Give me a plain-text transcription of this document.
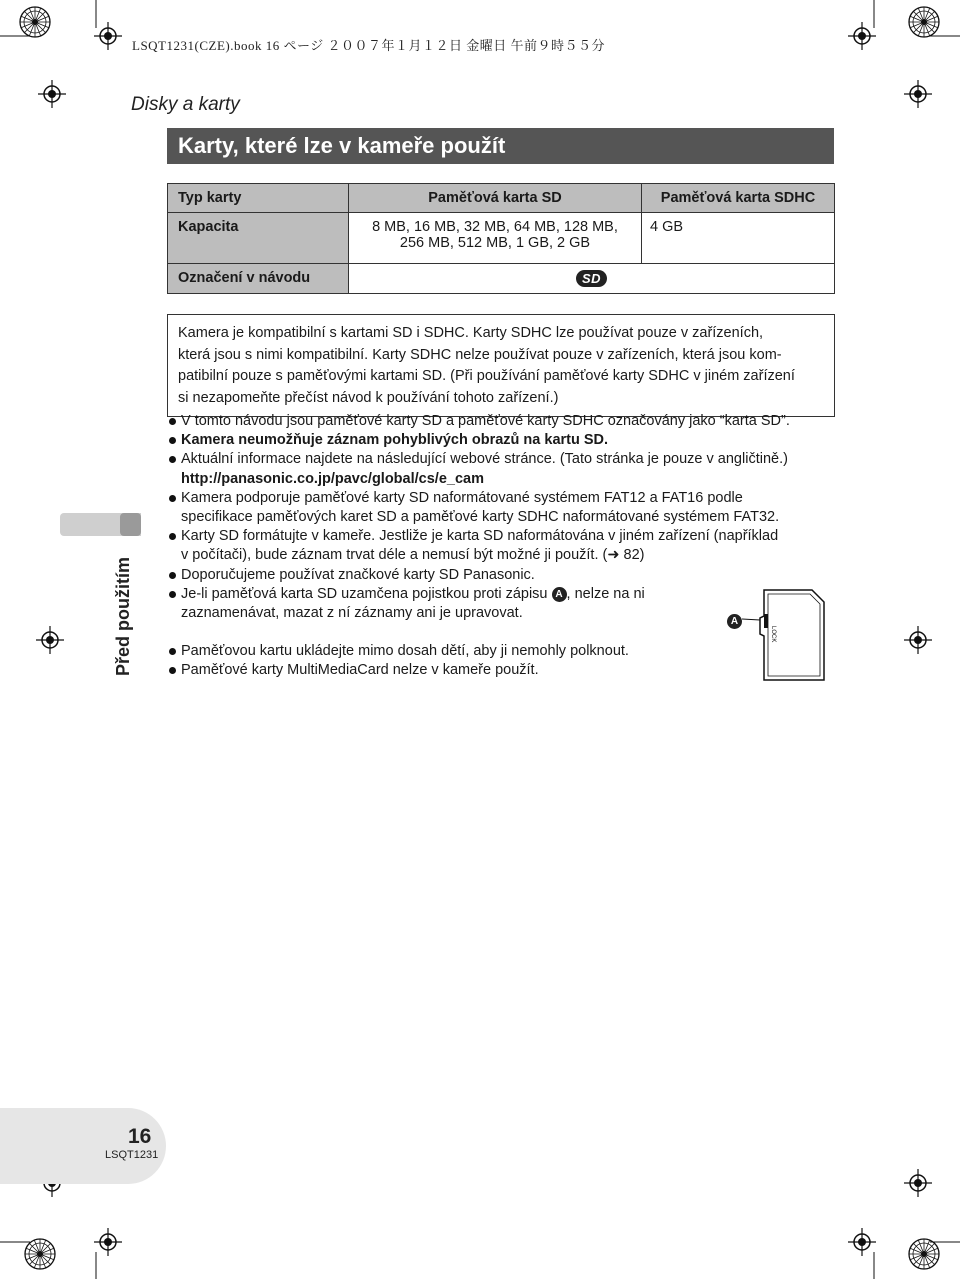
LSQT1231(CZE).book 16 ページ ２００７年１月１２日 金曜日 午前９時５５分
Disky a karty
Karty, které lze v kameře použít
Typ karty	Paměťová karta SD	Paměťová karta SDHC
Kapacita	8 MB, 16 MB, 32 MB, 64 MB, 128 MB,
256 MB, 512 MB, 1 GB, 2 GB	4 GB
Označení v návodu	SD	
Kamera je kompatibilní s kartami SD i SDHC. Karty SDHC lze používat pouze v zařízeních,
která jsou s nimi kompatibilní. Karty SDHC nelze používat pouze v zařízeních, která jsou kom-
patibilní pouze s paměťovými kartami SD. (Při používání paměťové karty SDHC v jiném zařízení
si nezapomeňte přečíst návod k používání tohoto zařízení.)
V tomto návodu jsou paměťové karty SD a paměťové karty SDHC označovány jako “karta SD”.
Kamera neumožňuje záznam pohyblivých obrazů na kartu SD.
Aktuální informace najdete na následující webové stránce. (Tato stránka je pouze v angličtině.)
http://panasonic.co.jp/pavc/global/cs/e_cam
Kamera podporuje paměťové karty SD naformátované systémem FAT12 a FAT16 podle
specifikace paměťových karet SD a paměťové karty SDHC naformátované systémem FAT32.
Karty SD formátujte v kameře. Jestliže je karta SD naformátována v jiném zařízení (například
v počítači), bude záznam trvat déle a nemusí být možné ji použít. (➜ 82)
Doporučujeme používat značkové karty SD Panasonic.
Je-li paměťová karta SD uzamčena pojistkou proti zápisu A , nelze na ni
zaznamenávat, mazat z ní záznamy ani je upravovat.
Paměťovou kartu ukládejte mimo dosah dětí, aby ji nemohly polknout.
Paměťové karty MultiMediaCard nelze v kameře použít.
A
LOCK
Před použitím
16
LSQT1231
